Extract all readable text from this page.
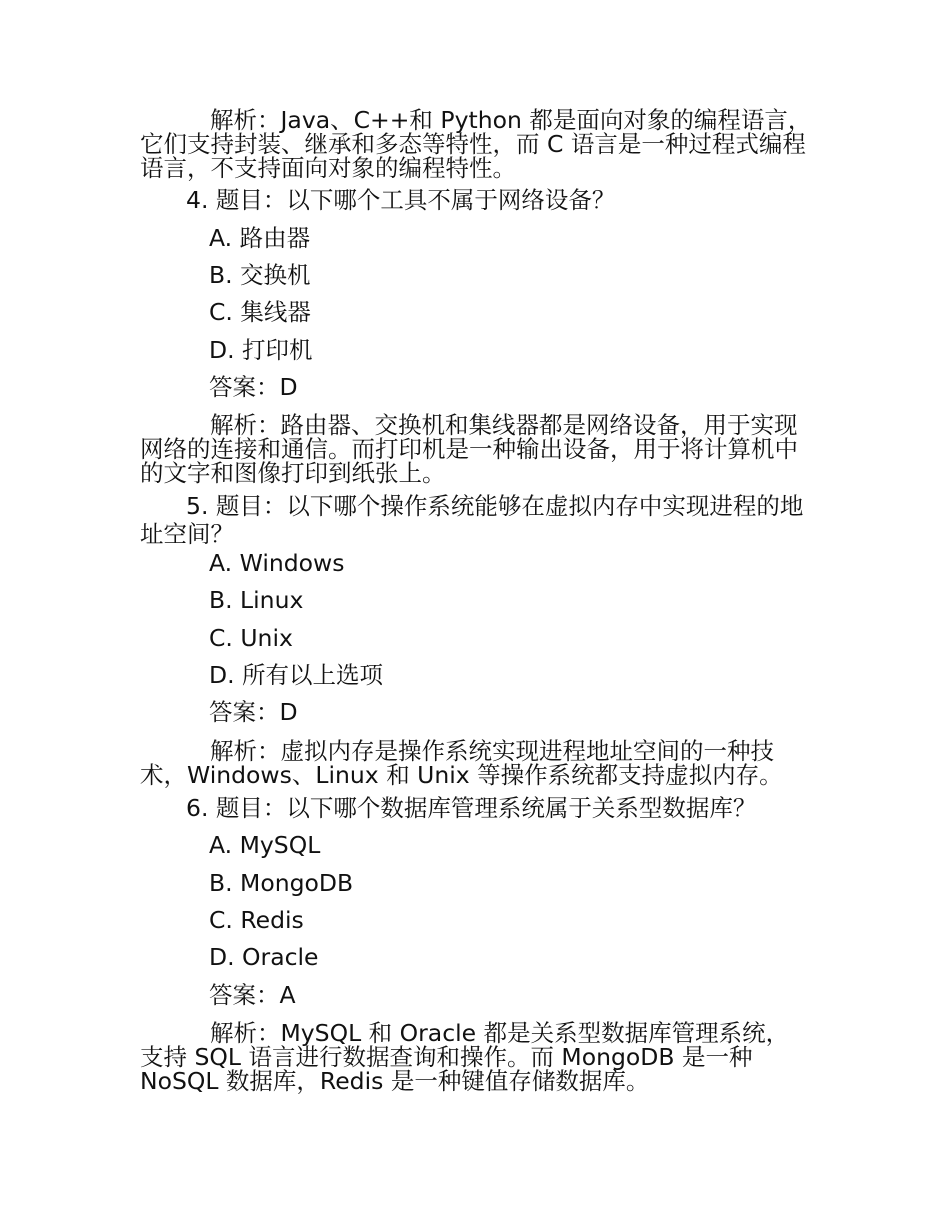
解析：Java、C++和 Python 都是面向对象的编程语言，它们支持封装、继承和多态等特性，而 C 语言是一种过程式编程语言，不支持面向对象的编程特性。
4. 题目：以下哪个工具不属于网络设备？
A. 路由器
B. 交换机
C. 集线器
D. 打印机
答案：D
解析：路由器、交换机和集线器都是网络设备，用于实现网络的连接和通信。而打印机是一种输出设备，用于将计算机中的文字和图像打印到纸张上。
5. 题目：以下哪个操作系统能够在虚拟内存中实现进程的地址空间？
A. Windows
B. Linux
C. Unix
D. 所有以上选项
答案：D
解析：虚拟内存是操作系统实现进程地址空间的一种技术，Windows、Linux 和 Unix 等操作系统都支持虚拟内存。
6. 题目：以下哪个数据库管理系统属于关系型数据库？
A. MySQL
B. MongoDB
C. Redis
D. Oracle
答案：A
解析：MySQL 和 Oracle 都是关系型数据库管理系统，支持 SQL 语言进行数据查询和操作。而 MongoDB 是一种 NoSQL 数据库，Redis 是一种键值存储数据库。
